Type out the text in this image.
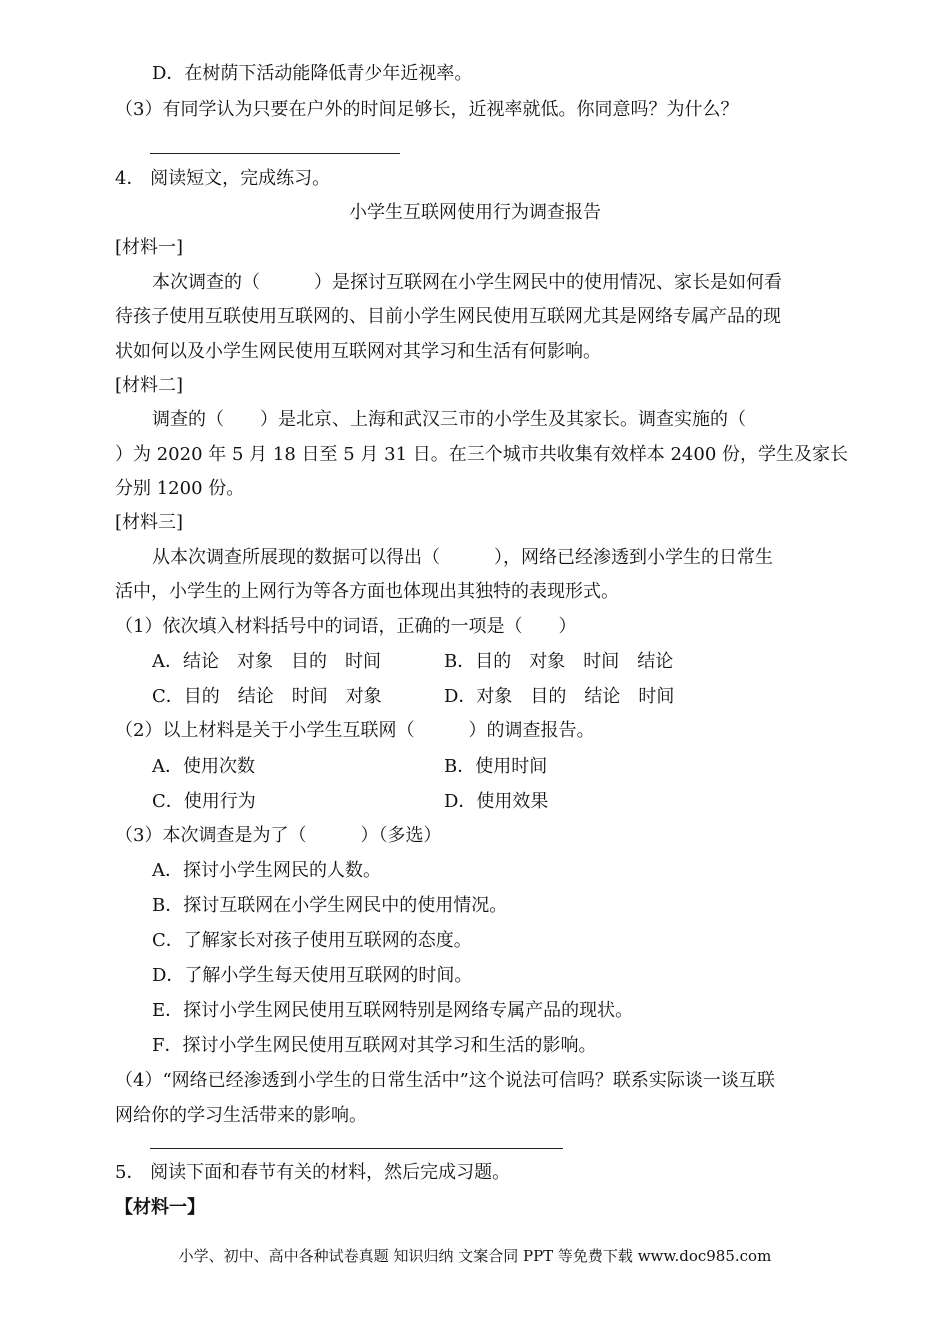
D．在树荫下活动能降低青少年近视率。
（3）有同学认为只要在户外的时间足够长，近视率就低。你同意吗？为什么？
4． 阅读短文，完成练习。
小学生互联网使用行为调查报告
[材料一]
本次调查的（　　　）是探讨互联网在小学生网民中的使用情况、家长是如何看
待孩子使用互联使用互联网的、目前小学生网民使用互联网尤其是网络专属产品的现
状如何以及小学生网民使用互联网对其学习和生活有何影响。
[材料二]
调查的（　　）是北京、上海和武汉三市的小学生及其家长。调查实施的（
）为 2020 年 5 月 18 日至 5 月 31 日。在三个城市共收集有效样本 2400 份，学生及家长
分别 1200 份。
[材料三]
从本次调查所展现的数据可以得出（　　　），网络已经渗透到小学生的日常生
活中，小学生的上网行为等各方面也体现出其独特的表现形式。
（1）依次填入材料括号中的词语，正确的一项是（　　）
A．结论　对象　目的　时间	B．目的　对象　时间　结论
C．目的　结论　时间　对象	D．对象　目的　结论　时间
（2）以上材料是关于小学生互联网（　　　）的调查报告。
A．使用次数	B．使用时间
C．使用行为	D．使用效果
（3）本次调查是为了（　　　）（多选）
A．探讨小学生网民的人数。
B．探讨互联网在小学生网民中的使用情况。
C．了解家长对孩子使用互联网的态度。
D．了解小学生每天使用互联网的时间。
E．探讨小学生网民使用互联网特别是网络专属产品的现状。
F．探讨小学生网民使用互联网对其学习和生活的影响。
（4）“网络已经渗透到小学生的日常生活中”这个说法可信吗？联系实际谈一谈互联
网给你的学习生活带来的影响。
5． 阅读下面和春节有关的材料，然后完成习题。
【材料一】
小学、初中、高中各种试卷真题 知识归纳 文案合同 PPT 等免费下载 www.doc985.com
